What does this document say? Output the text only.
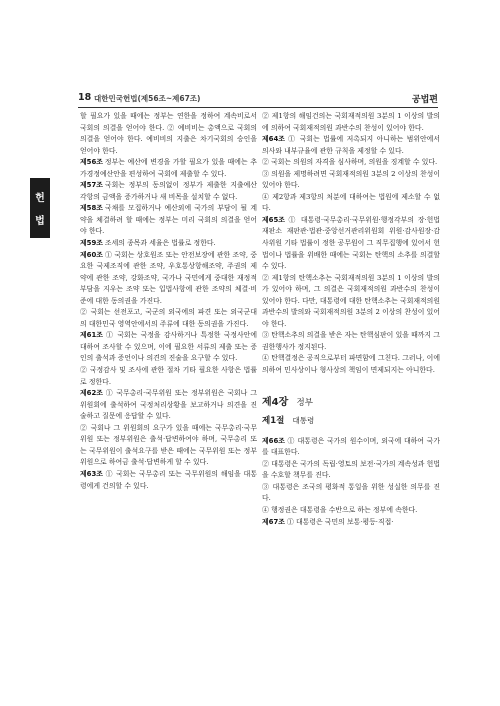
18 대한민국헌법(제56조~제67조)	공법편
헌
법

할 필요가 있을 때에는 정부는 연한을 정하여 계속비로서 국회의 의결을 얻어야 한다. ② 예비비는 총액으로 국회의 의결을 얻어야 한다. 예비비의 지출은 차기국회의 승인을 얻어야 한다.

제56조 정부는 예산에 변경을 가할 필요가 있을 때에는 추가경정예산안을 편성하여 국회에 제출할 수 있다.

제57조 국회는 정부의 동의없이 정부가 제출한 지출예산 각항의 금액을 증가하거나 새 비목을 설치할 수 없다.

제58조 국채를 모집하거나 예산외에 국가의 부담이 될 계약을 체결하려 할 때에는 정부는 미리 국회의 의결을 얻어야 한다.

제59조 조세의 종목과 세율은 법률로 정한다.

제60조 ① 국회는 상호원조 또는 안전보장에 관한 조약, 중요한 국제조직에 관한 조약, 우호통상항해조약, 주권의 제약에 관한 조약, 강화조약, 국가나 국민에게 중대한 재정적 부담을 지우는 조약 또는 입법사항에 관한 조약의 체결·비준에 대한 동의권을 가진다.

② 국회는 선전포고, 국군의 외국에의 파견 또는 외국군대의 대한민국 영역안에서의 주류에 대한 동의권을 가진다.

제61조 ① 국회는 국정을 감사하거나 특정한 국정사안에 대하여 조사할 수 있으며, 이에 필요한 서류의 제출 또는 증인의 출석과 증언이나 의견의 진술을 요구할 수 있다.

② 국정감사 및 조사에 관한 절차 기타 필요한 사항은 법률로 정한다.

제62조 ① 국무총리·국무위원 또는 정부위원은 국회나 그 위원회에 출석하여 국정처리상황을 보고하거나 의견을 진술하고 질문에 응답할 수 있다.

② 국회나 그 위원회의 요구가 있을 때에는 국무총리·국무위원 또는 정부위원은 출석·답변하여야 하며, 국무총리 또는 국무위원이 출석요구를 받은 때에는 국무위원 또는 정부위원으로 하여금 출석·답변하게 할 수 있다.

제63조 ① 국회는 국무총리 또는 국무위원의 해임을 대통령에게 건의할 수 있다.

② 제1항의 해임건의는 국회재적의원 3분의 1 이상의 발의에 의하여 국회재적의원 과반수의 찬성이 있어야 한다.

제64조 ① 국회는 법률에 저촉되지 아니하는 범위안에서 의사와 내부규율에 관한 규칙을 제정할 수 있다.

② 국회는 의원의 자격을 심사하며, 의원을 징계할 수 있다.

③ 의원을 제명하려면 국회재적의원 3분의 2 이상의 찬성이 있어야 한다.

④ 제2항과 제3항의 처분에 대하여는 법원에 제소할 수 없다.

제65조 ① 대통령·국무총리·국무위원·행정각부의 장·헌법재판소 재판관·법관·중앙선거관리위원회 위원·감사원장·감사위원 기타 법률이 정한 공무원이 그 직무집행에 있어서 헌법이나 법률을 위배한 때에는 국회는 탄핵의 소추를 의결할 수 있다.

② 제1항의 탄핵소추는 국회재적의원 3분의 1 이상의 발의가 있어야 하며, 그 의결은 국회재적의원 과반수의 찬성이 있어야 한다. 다만, 대통령에 대한 탄핵소추는 국회재적의원 과반수의 발의와 국회재적의원 3분의 2 이상의 찬성이 있어야 한다.

③ 탄핵소추의 의결을 받은 자는 탄핵심판이 있을 때까지 그 권한행사가 정지된다.

④ 탄핵결정은 공직으로부터 파면함에 그친다. 그러나, 이에 의하여 민사상이나 형사상의 책임이 면제되지는 아니한다.

제4장 정부
제1절 대통령

제66조 ① 대통령은 국가의 원수이며, 외국에 대하여 국가를 대표한다.

② 대통령은 국가의 독립·영토의 보전·국가의 계속성과 헌법을 수호할 책무를 진다.

③ 대통령은 조국의 평화적 통일을 위한 성실한 의무를 진다.

④ 행정권은 대통령을 수반으로 하는 정부에 속한다.

제67조 ① 대통령은 국민의 보통·평등·직접·
